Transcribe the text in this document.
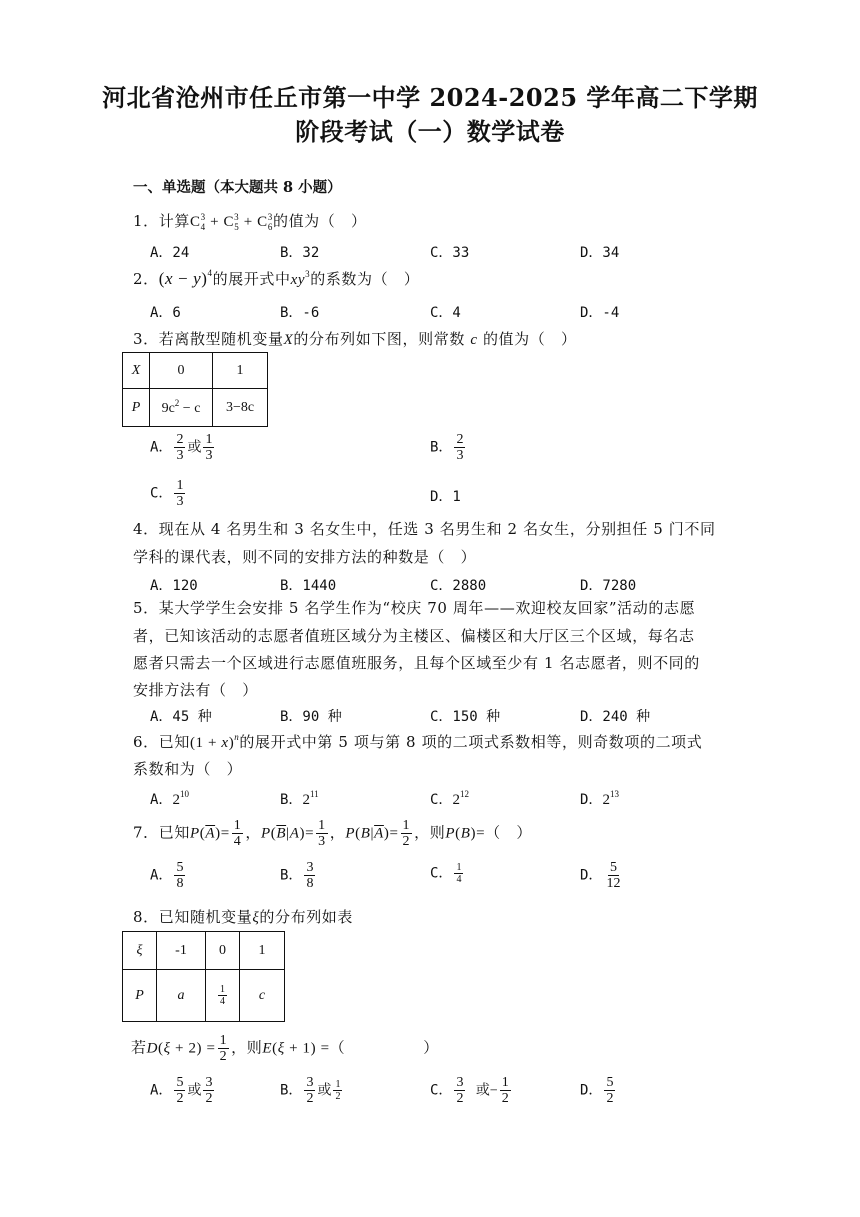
河北省沧州市任丘市第一中学 2024-2025 学年高二下学期
阶段考试（一）数学试卷
一、单选题（本大题共 8 小题）
1．计算$C^3_4 + C^3_5 + C^3_6$的值为（　）
A．24	B．32	C．33	D．34
2．$(x - y)^4$的展开式中$xy^3$的系数为（　）
A．6	B．-6	C．4	D．-4
3．若离散型随机变量X的分布列如下图，则常数 c 的值为（　）
X	0	1
P	$9c^2 - c$	3−8c
A． $\frac{2}{3}$ 或 $\frac{1}{3}$	B． $\frac{2}{3}$
C． $\frac{1}{3}$	D．1
4．现在从 4 名男生和 3 名女生中，任选 3 名男生和 2 名女生，分别担任 5 门不同
学科的课代表，则不同的安排方法的种数是（　）
A．120	B．1440	C．2880	D．7280
5．某大学学生会安排 5 名学生作为“校庆 70 周年——欢迎校友回家”活动的志愿
者，已知该活动的志愿者值班区域分为主楼区、偏楼区和大厅区三个区域，每名志
愿者只需去一个区域进行志愿值班服务，且每个区域至少有 1 名志愿者，则不同的
安排方法有（　）
A．45 种	B．90 种	C．150 种	D．240 种
6．已知$(1 + x)^n$的展开式中第 5 项与第 8 项的二项式系数相等，则奇数项的二项式
系数和为（　）
A．$2^{10}$	B．$2^{11}$	C．$2^{12}$	D．$2^{13}$
7．已知$P(\overline{A})= \frac{1}{4}$ ，$P(\overline{B}|A)= \frac{1}{3}$ ，$P(B|\overline{A})= \frac{1}{2}$ ，则P(B)=（　）
A． $\frac{5}{8}$	B． $\frac{3}{8}$	C． $\frac{1}{4}$	D． $\frac{5}{12}$
8．已知随机变量ξ的分布列如表
ξ	-1	0	1
P	a	$\frac{1}{4}$	c
若$D(\xi + 2) = \frac{1}{2}$ ，则E(ξ + 1) =（　　　　　）
A． $\frac{5}{2}$ 或 $\frac{3}{2}$	B． $\frac{3}{2}$ 或 $\frac{1}{2}$	C． $\frac{3}{2}$ 或− $\frac{1}{2}$	D． $\frac{5}{2}$
